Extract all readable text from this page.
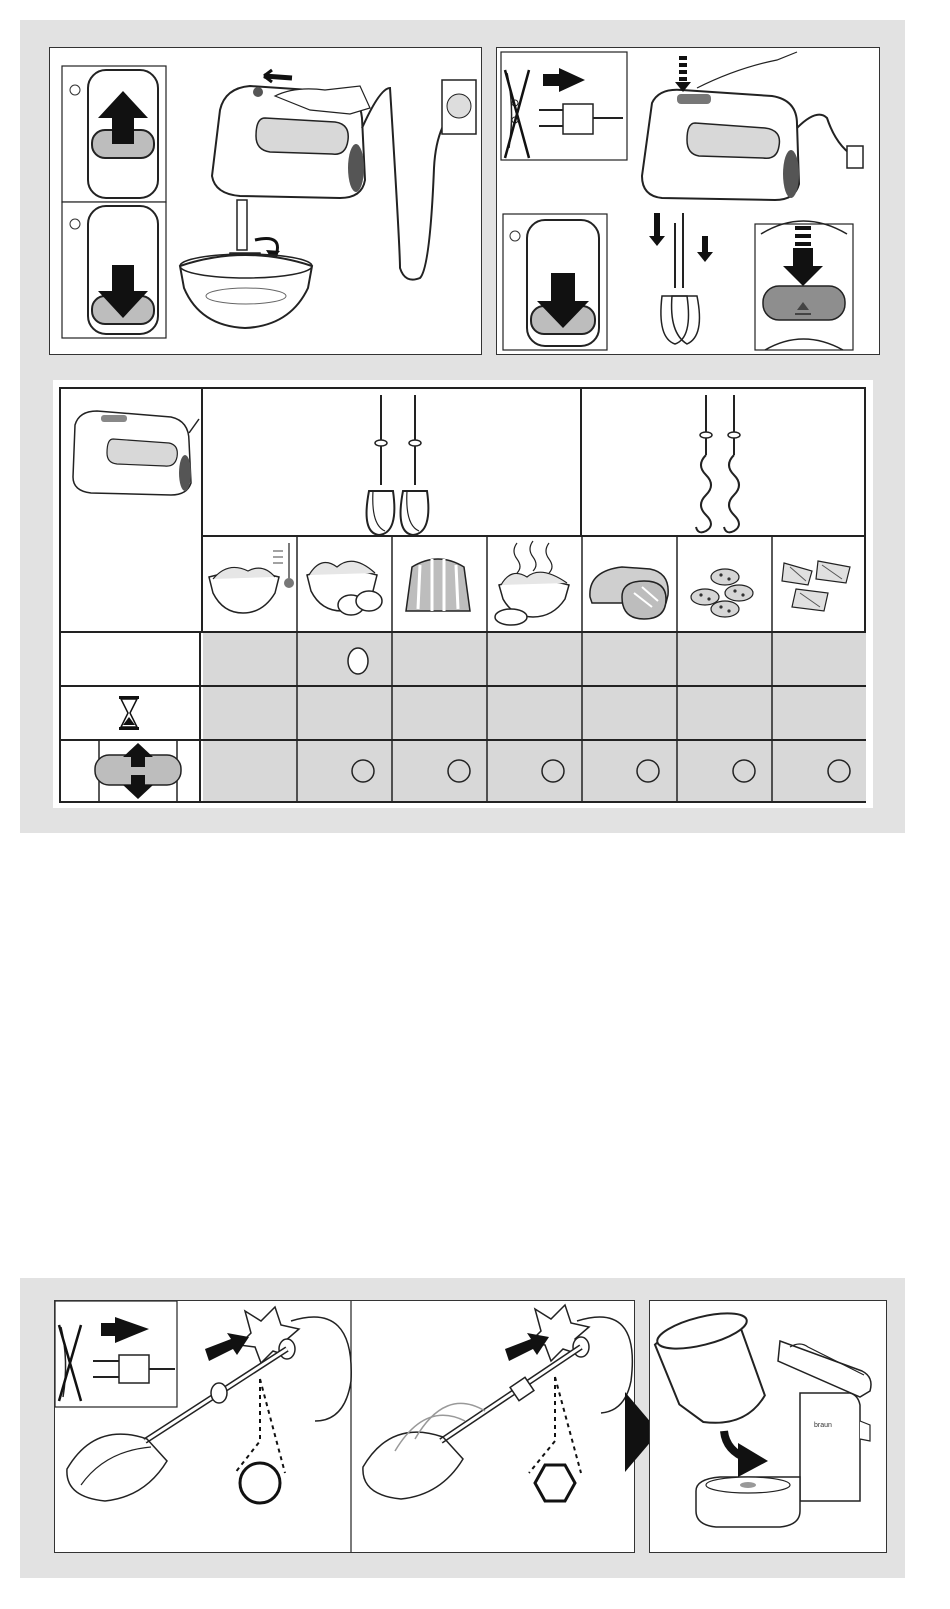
braun
